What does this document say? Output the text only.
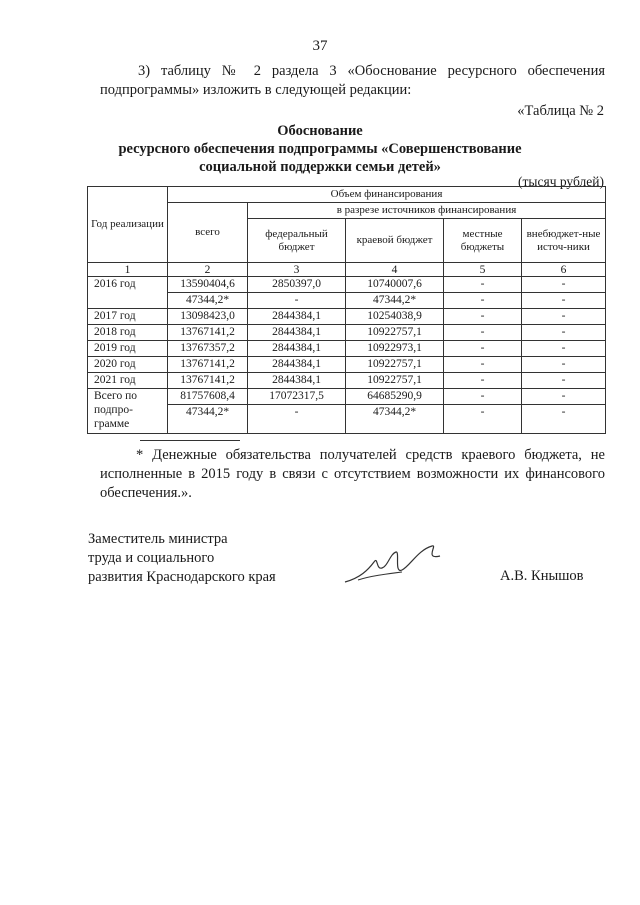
37
3) таблицу № 2 раздела 3 «Обоснование ресурсного обеспечения подпрограммы» изложить в следующей редакции:
«Таблица № 2
Обоснование
ресурсного обеспечения подпрограммы «Совершенствование
социальной поддержки семьи детей»
(тысяч рублей)
Год реализации	Объем финансирования				
	всего	в разрезе источников финансирования			
		федеральный бюджет	краевой бюджет	местные бюджеты	внебюджет-ные источ-ники
1	2	3	4	5	6
2016 год	13590404,6	2850397,0	10740007,6	-	-
	47344,2*	-	47344,2*	-	-
2017 год	13098423,0	2844384,1	10254038,9	-	-
2018 год	13767141,2	2844384,1	10922757,1	-	-
2019 год	13767357,2	2844384,1	10922973,1	-	-
2020 год	13767141,2	2844384,1	10922757,1	-	-
2021 год	13767141,2	2844384,1	10922757,1	-	-
Всего по подпро-грамме	81757608,4	17072317,5	64685290,9	-	-
	47344,2*	-	47344,2*	-	-
* Денежные обязательства получателей средств краевого бюджета, не исполненные в 2015 году в связи с отсутствием возможности их финансового обеспечения.».
Заместитель министра
труда и социального
развития Краснодарского края	А.В. Кнышов
